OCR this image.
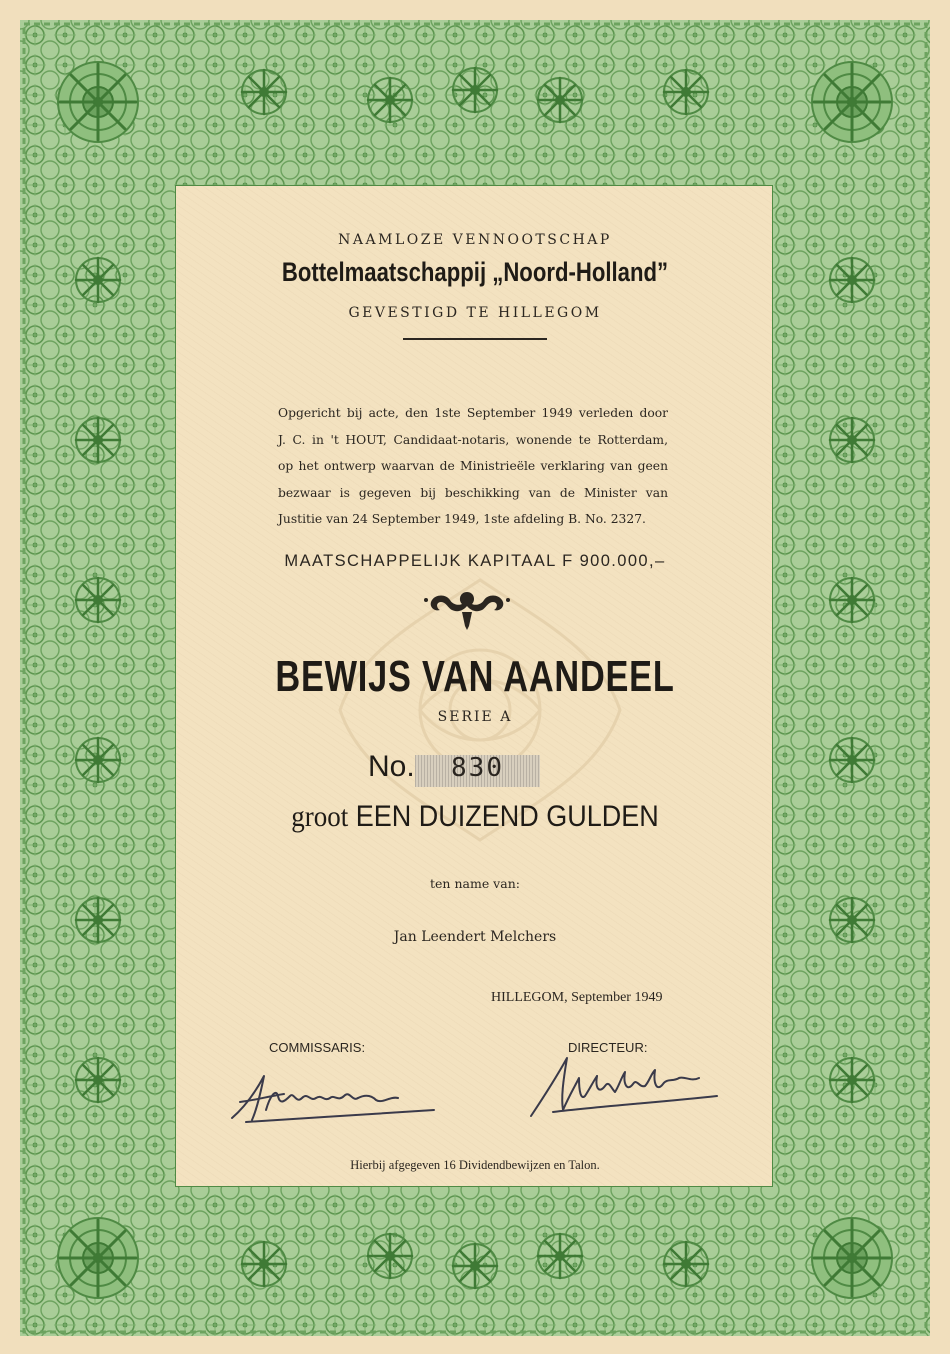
NAAMLOZE VENNOOTSCHAP
Bottelmaatschappij „Noord-Holland”
GEVESTIGD TE HILLEGOM
Opgericht bij acte, den 1ste September 1949 verleden door
J. C. in 't HOUT, Candidaat-notaris, wonende te Rotterdam,
op het ontwerp waarvan de Ministrieële verklaring van geen
bezwaar is gegeven bij beschikking van de Minister van
Justitie van 24 September 1949, 1ste afdeling B. No. 2327.
MAATSCHAPPELIJK KAPITAAL F 900.000,–
BEWIJS VAN AANDEEL
SERIE A
No.	830
groot EEN DUIZEND GULDEN
ten name van:
Jan Leendert Melchers
HILLEGOM, September 1949
COMMISSARIS:	DIRECTEUR:
Hierbij afgegeven 16 Dividendbewijzen en Talon.
